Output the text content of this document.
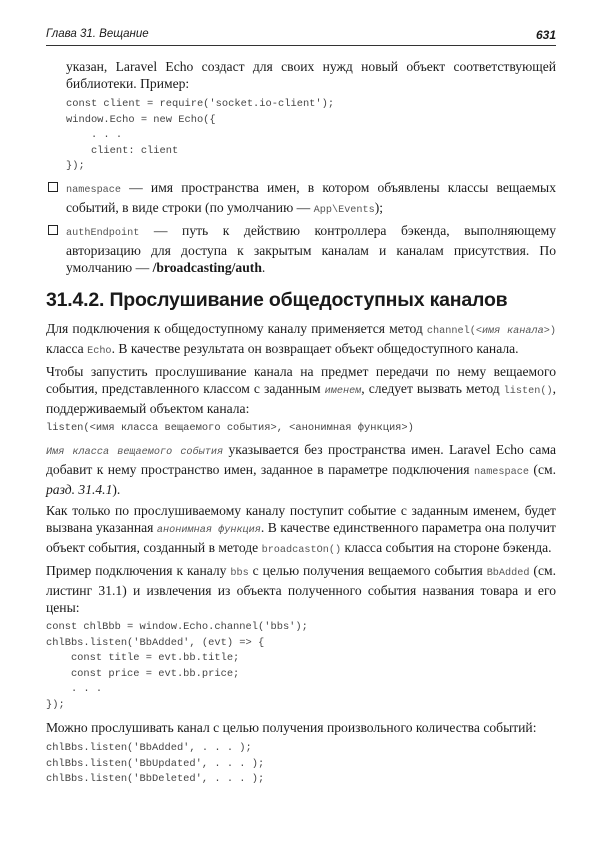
Глава 31. Вещание	631

указан, Laravel Echo создаст для своих нужд новый объект соответствующей библиотеки. Пример:

const client = require('socket.io-client');
window.Echo = new Echo({
. . .
client: client
});

namespace — имя пространства имен, в котором объявлены классы вещаемых событий, в виде строки (по умолчанию — App\Events);

authEndpoint — путь к действию контроллера бэкенда, выполняющему авторизацию для доступа к закрытым каналам и каналам присутствия. По умолчанию — /broadcasting/auth.

31.4.2. Прослушивание общедоступных каналов

Для подключения к общедоступному каналу применяется метод channel(<имя канала>) класса Echo. В качестве результата он возвращает объект общедоступного канала.

Чтобы запустить прослушивание канала на предмет передачи по нему вещаемого события, представленного классом с заданным именем, следует вызвать метод listen(), поддерживаемый объектом канала:

listen(<имя класса вещаемого события>, <анонимная функция>)

Имя класса вещаемого события указывается без пространства имен. Laravel Echo сама добавит к нему пространство имен, заданное в параметре подключения namespace (см. разд. 31.4.1).

Как только по прослушиваемому каналу поступит событие с заданным именем, будет вызвана указанная анонимная функция. В качестве единственного параметра она получит объект события, созданный в методе broadcastOn() класса события на стороне бэкенда.

Пример подключения к каналу bbs с целью получения вещаемого события BbAdded (см. листинг 31.1) и извлечения из объекта полученного события названия товара и его цены:

const chlBbb = window.Echo.channel('bbs');
chlBbs.listen('BbAdded', (evt) => {
const title = evt.bb.title;
const price = evt.bb.price;
. . .
});

Можно прослушивать канал с целью получения произвольного количества событий:

chlBbs.listen('BbAdded', . . . );
chlBbs.listen('BbUpdated', . . . );
chlBbs.listen('BbDeleted', . . . );
